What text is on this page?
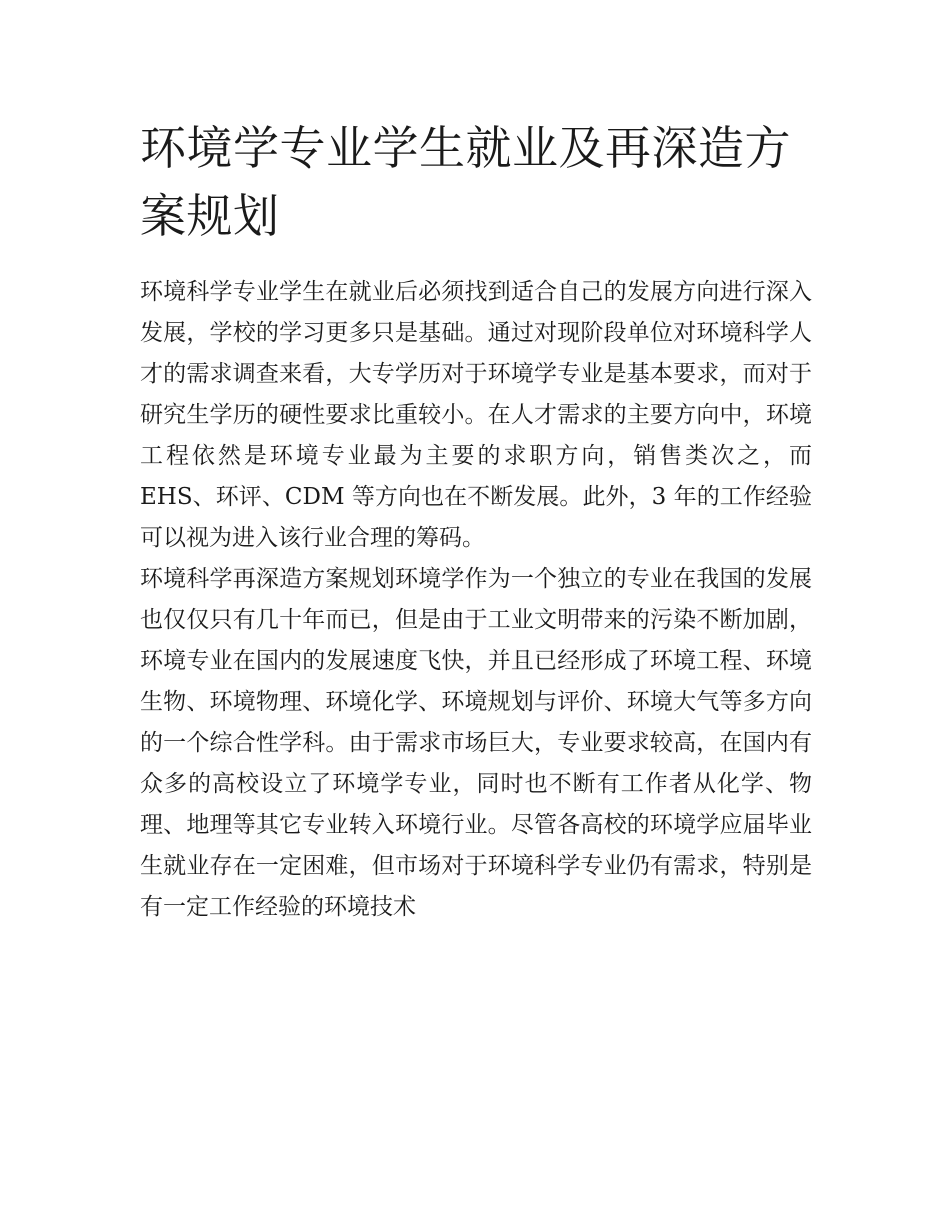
环境学专业学生就业及再深造方案规划

环境科学专业学生在就业后必须找到适合自己的发展方向进行深入发展，学校的学习更多只是基础。通过对现阶段单位对环境科学人才的需求调查来看，大专学历对于环境学专业是基本要求，而对于研究生学历的硬性要求比重较小。在人才需求的主要方向中，环境工程依然是环境专业最为主要的求职方向，销售类次之，而 EHS、环评、CDM 等方向也在不断发展。此外，3 年的工作经验可以视为进入该行业合理的筹码。

环境科学再深造方案规划环境学作为一个独立的专业在我国的发展也仅仅只有几十年而已，但是由于工业文明带来的污染不断加剧，环境专业在国内的发展速度飞快，并且已经形成了环境工程、环境生物、环境物理、环境化学、环境规划与评价、环境大气等多方向的一个综合性学科。由于需求市场巨大，专业要求较高，在国内有众多的高校设立了环境学专业，同时也不断有工作者从化学、物理、地理等其它专业转入环境行业。尽管各高校的环境学应届毕业生就业存在一定困难，但市场对于环境科学专业仍有需求，特别是有一定工作经验的环境技术
